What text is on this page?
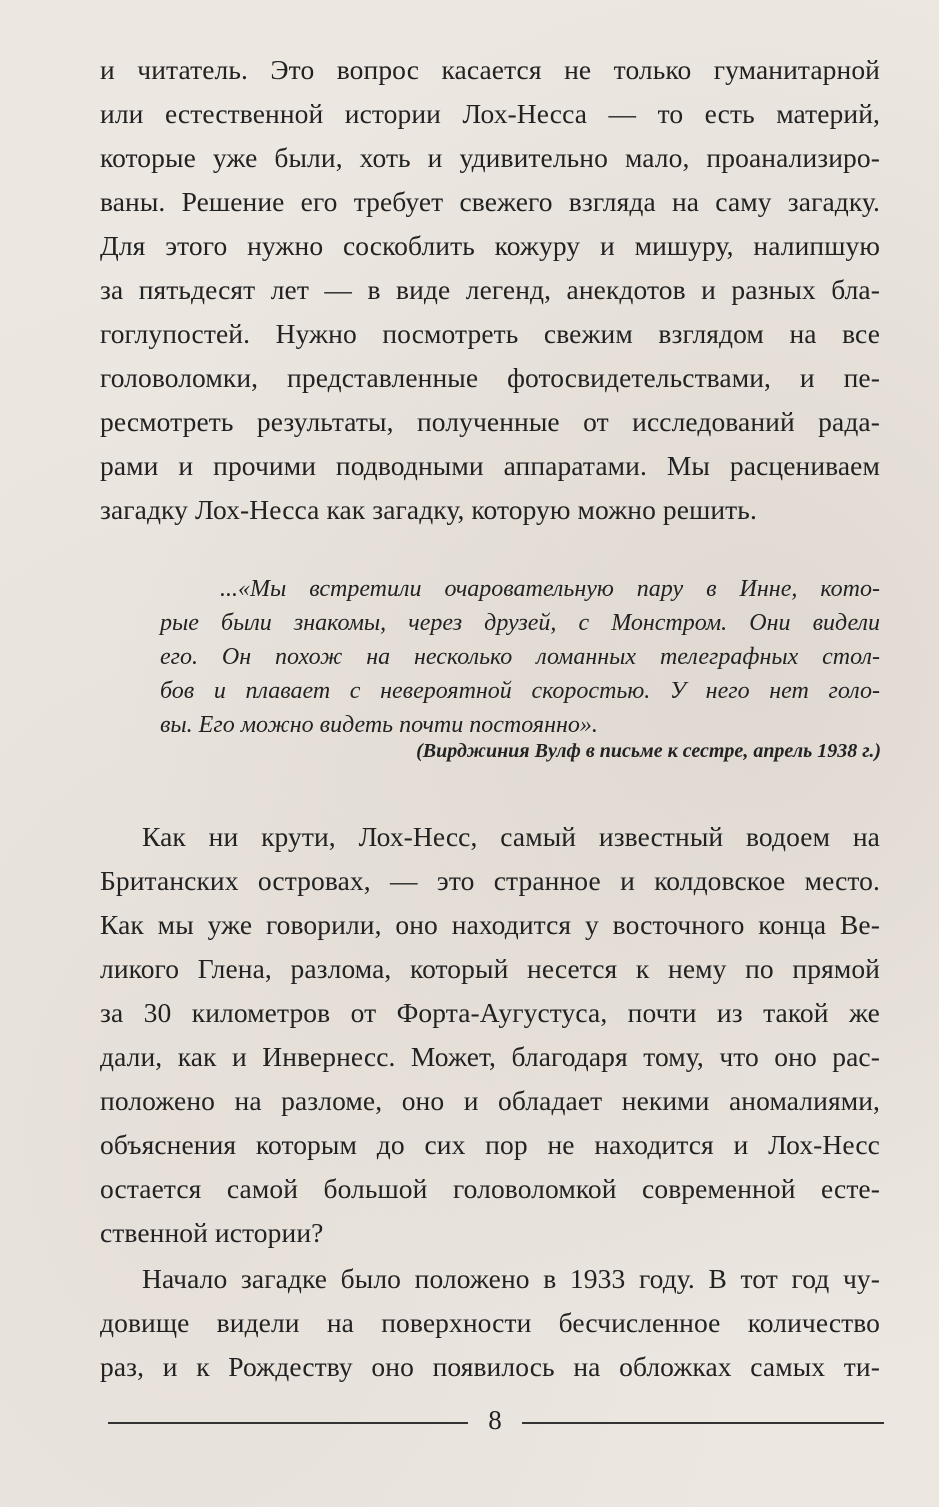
и читатель. Это вопрос касается не только гуманитарной
или естественной истории Лох-Несса — то есть материй,
которые уже были, хоть и удивительно мало, проанализиро-
ваны. Решение его требует свежего взгляда на саму загадку.
Для этого нужно соскоблить кожуру и мишуру, налипшую
за пятьдесят лет — в виде легенд, анекдотов и разных бла-
гоглупостей. Нужно посмотреть свежим взглядом на все
головоломки, представленные фотосвидетельствами, и пе-
ресмотреть результаты, полученные от исследований рада-
рами и прочими подводными аппаратами. Мы расцениваем
загадку Лох-Несса как загадку, которую можно решить.
...«Мы встретили очаровательную пару в Инне, кото-
рые были знакомы, через друзей, с Монстром. Они видели
его. Он похож на несколько ломанных телеграфных стол-
бов и плавает с невероятной скоростью. У него нет голо-
вы. Его можно видеть почти постоянно».
(Вирджиния Вулф в письме к сестре, апрель 1938 г.)
Как ни крути, Лох-Несс, самый известный водоем на
Британских островах, — это странное и колдовское место.
Как мы уже говорили, оно находится у восточного конца Ве-
ликого Глена, разлома, который несется к нему по прямой
за 30 километров от Форта-Аугустуса, почти из такой же
дали, как и Инвернесс. Может, благодаря тому, что оно рас-
положено на разломе, оно и обладает некими аномалиями,
объяснения которым до сих пор не находится и Лох-Несс
остается самой большой головоломкой современной есте-
ственной истории?
Начало загадке было положено в 1933 году. В тот год чу-
довище видели на поверхности бесчисленное количество
раз, и к Рождеству оно появилось на обложках самых ти-
8
